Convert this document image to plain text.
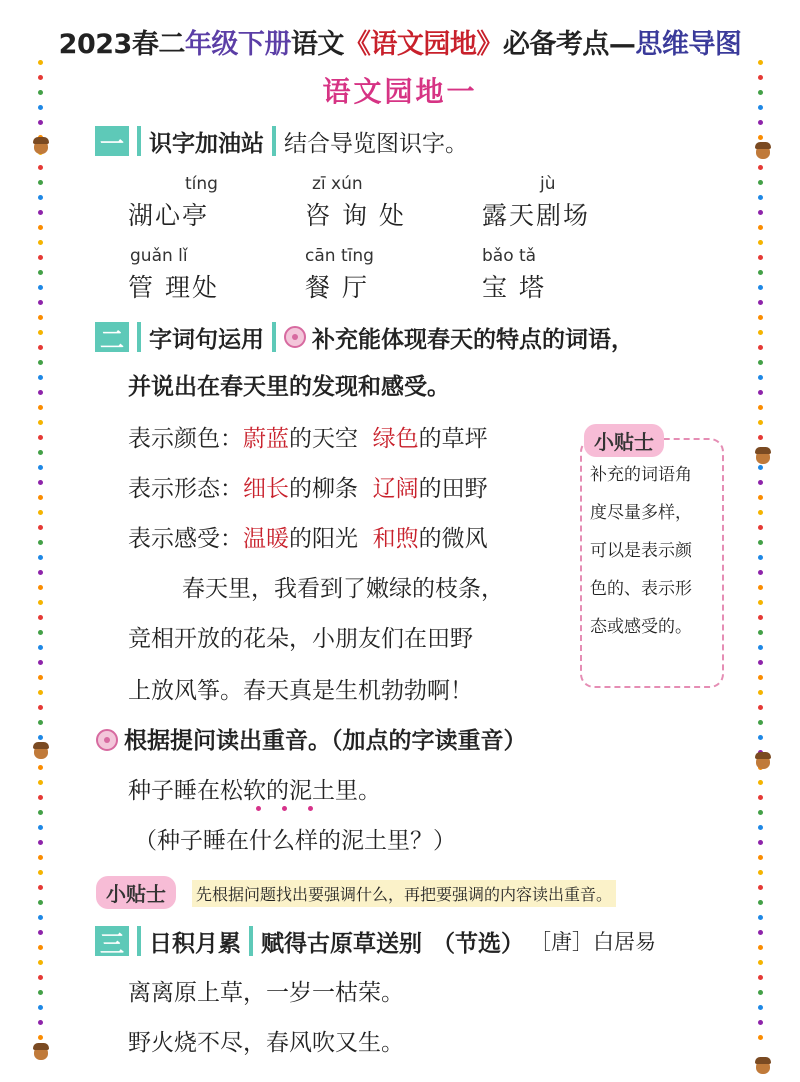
2023春二年级下册语文《语文园地》必备考点—思维导图
语文园地一
一 识字加油站 结合导览图识字。
tíng	zī xún	jù
湖心亭	咨 询 处	露天剧场
guǎn lǐ	cān tīng	bǎo tǎ
管 理处	餐 厅	宝 塔
二 字词句运用 补充能体现春天的特点的词语，
并说出在春天里的发现和感受。
表示颜色：蔚蓝的天空 绿色的草坪
表示形态：细长的柳条 辽阔的田野
表示感受：温暖的阳光 和煦的微风
春天里，我看到了嫩绿的枝条，
竞相开放的花朵，小朋友们在田野
上放风筝。春天真是生机勃勃啊！
小贴士
补充的词语角
度尽量多样，
可以是表示颜
色的、表示形
态或感受的。
根据提问读出重音。（加点的字读重音）
种子睡在松软的泥土里。
（种子睡在什么样的泥土里？）
小贴士	先根据问题找出要强调什么，再把要强调的内容读出重音。
三 日积月累 赋得古原草送别 （节选） ［唐］白居易
离离原上草，一岁一枯荣。
野火烧不尽，春风吹又生。
